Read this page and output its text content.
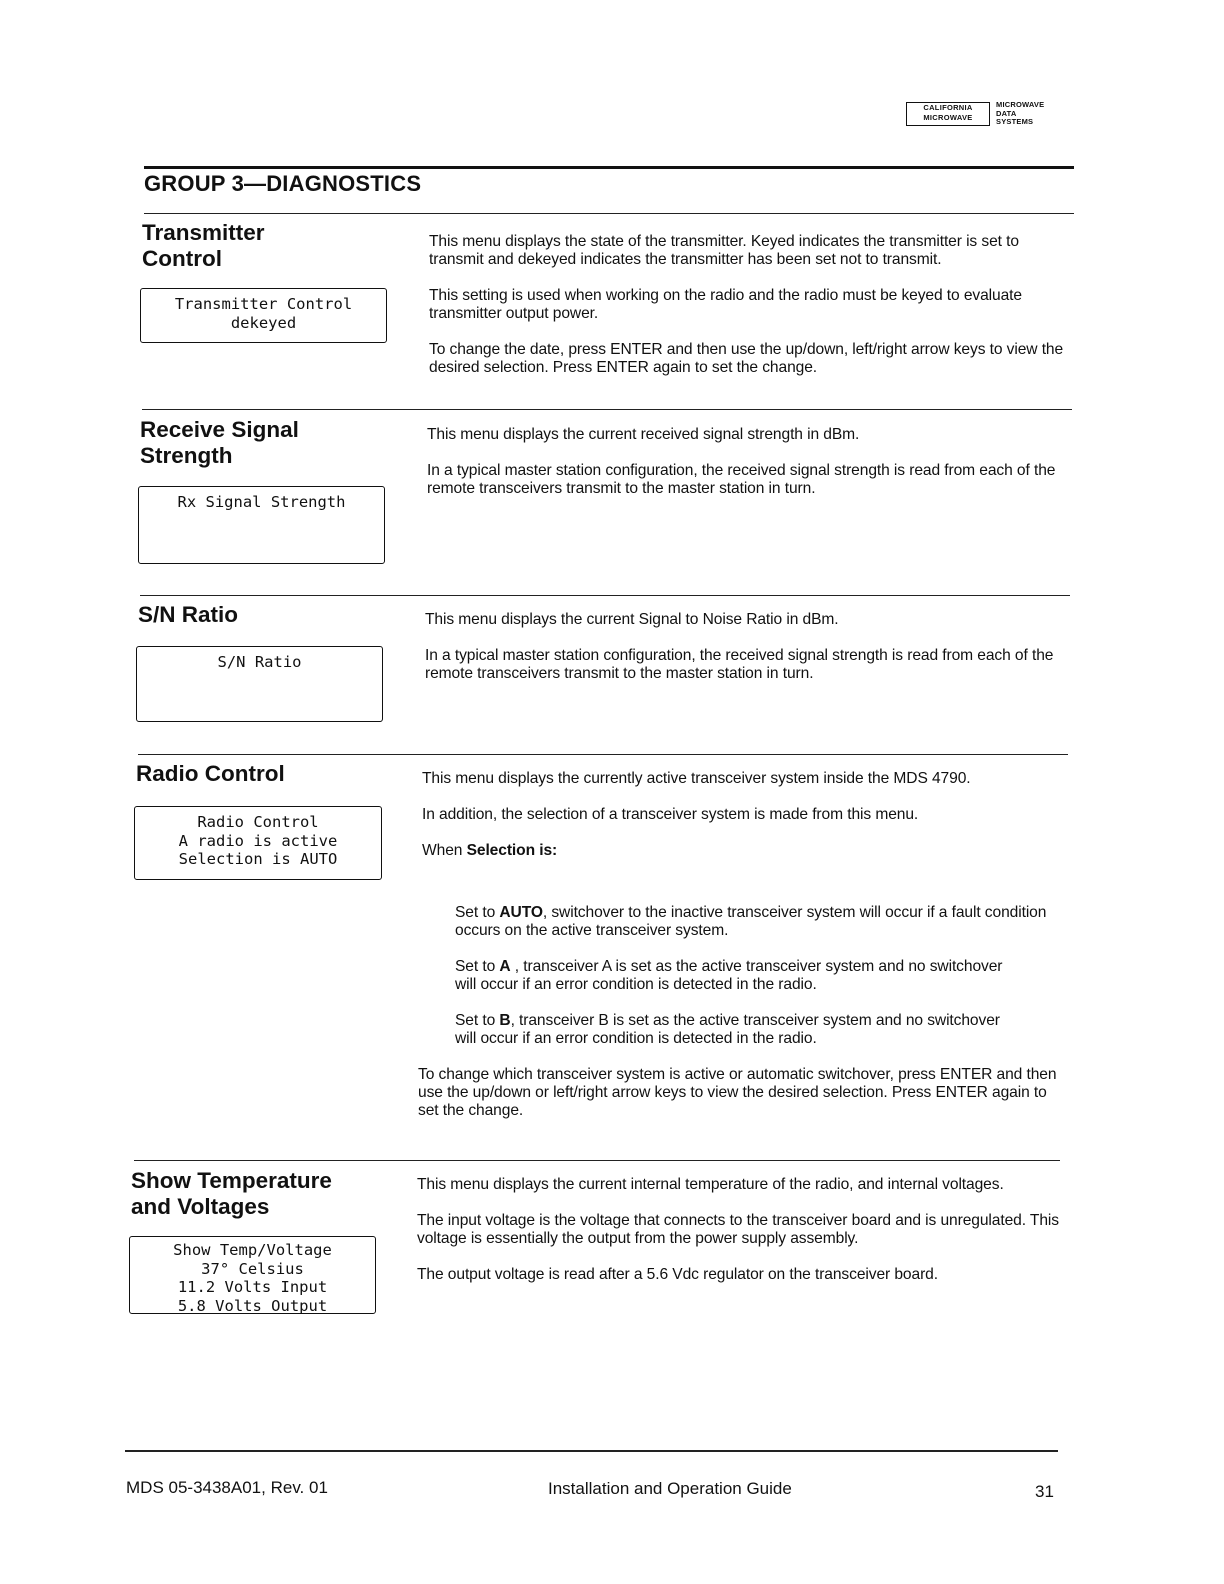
CALIFORNIA
MICROWAVE
MICROWAVE
DATA
SYSTEMS
GROUP 3—DIAGNOSTICS
Transmitter
Control
Transmitter Control
dekeyed

This menu displays the state of the transmitter. Keyed indicates the transmitter is set to transmit and dekeyed indicates the transmitter has been set not to transmit.

This setting is used when working on the radio and the radio must be keyed to evaluate transmitter output power.

To change the date, press ENTER and then use the up/down, left/right arrow keys to view the desired selection. Press ENTER again to set the change.

Receive Signal
Strength
Rx Signal Strength

This menu displays the current received signal strength in dBm.

In a typical master station configuration, the received signal strength is read from each of the remote transceivers transmit to the master station in turn.

S/N Ratio
S/N Ratio

This menu displays the current Signal to Noise Ratio in dBm.

In a typical master station configuration, the received signal strength is read from each of the remote transceivers transmit to the master station in turn.

Radio Control
Radio Control
A radio is active
Selection is AUTO

This menu displays the currently active transceiver system inside the MDS 4790.

In addition, the selection of a transceiver system is made from this menu.

When Selection is:

Set to AUTO, switchover to the inactive transceiver system will occur if a fault condition occurs on the active transceiver system.

Set to A , transceiver A is set as the active transceiver system and no switchover will occur if an error condition is detected in the radio.

Set to B, transceiver B is set as the active transceiver system and no switchover will occur if an error condition is detected in the radio.

To change which transceiver system is active or automatic switchover, press ENTER and then use the up/down or left/right arrow keys to view the desired selection. Press ENTER again to set the change.

Show Temperature
and Voltages
Show Temp/Voltage
37° Celsius
11.2 Volts Input
5.8 Volts Output

This menu displays the current internal temperature of the radio, and internal voltages.

The input voltage is the voltage that connects to the transceiver board and is unregulated. This voltage is essentially the output from the power supply assembly.

The output voltage is read after a 5.6 Vdc regulator on the transceiver board.

MDS 05-3438A01, Rev. 01	Installation and Operation Guide	31
